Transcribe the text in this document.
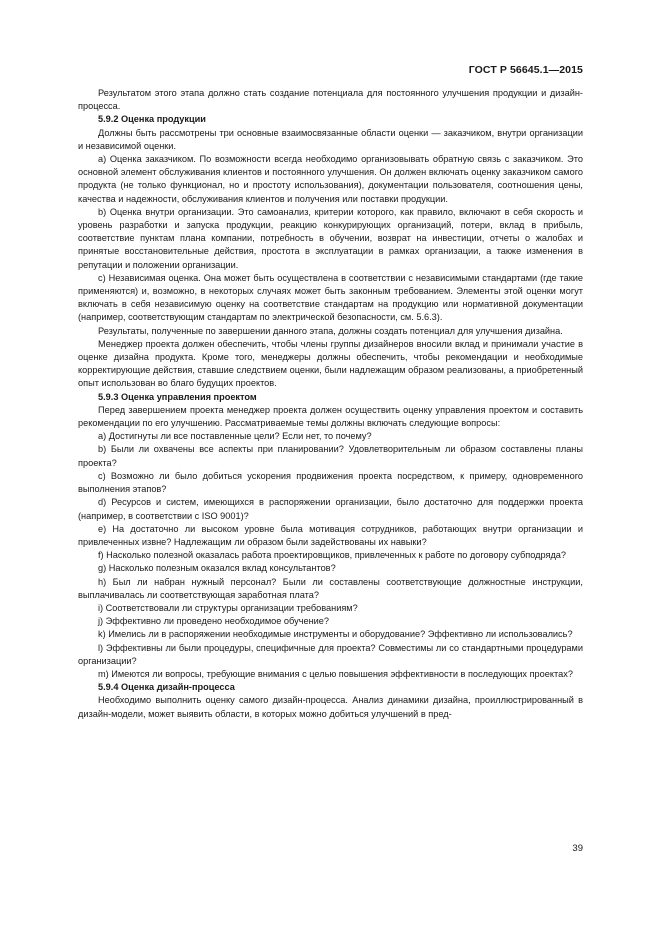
ГОСТ Р 56645.1—2015

Результатом этого этапа должно стать создание потенциала для постоянного улучшения продукции и дизайн-процесса.

5.9.2 Оценка продукции

Должны быть рассмотрены три основные взаимосвязанные области оценки — заказчиком, внутри организации и независимой оценки.

a) Оценка заказчиком. По возможности всегда необходимо организовывать обратную связь с заказчиком. Это основной элемент обслуживания клиентов и постоянного улучшения. Он должен включать оценку заказчиком самого продукта (не только функционал, но и простоту использования), документации пользователя, соотношения цены, качества и надежности, обслуживания клиентов и получения или поставки продукции.

b) Оценка внутри организации. Это самоанализ, критерии которого, как правило, включают в себя скорость и уровень разработки и запуска продукции, реакцию конкурирующих организаций, потери, вклад в прибыль, соответствие пунктам плана компании, потребность в обучении, возврат на инвестиции, отчеты о жалобах и принятые восстановительные действия, простота в эксплуатации в рамках организации, а также изменения в репутации и положении организации.

c) Независимая оценка. Она может быть осуществлена в соответствии с независимыми стандартами (где такие применяются) и, возможно, в некоторых случаях может быть законным требованием. Элементы этой оценки могут включать в себя независимую оценку на соответствие стандартам на продукцию или нормативной документации (например, соответствующим стандартам по электрической безопасности, см. 5.6.3).

Результаты, полученные по завершении данного этапа, должны создать потенциал для улучшения дизайна.

Менеджер проекта должен обеспечить, чтобы члены группы дизайнеров вносили вклад и принимали участие в оценке дизайна продукта. Кроме того, менеджеры должны обеспечить, чтобы рекомендации и необходимые корректирующие действия, ставшие следствием оценки, были надлежащим образом реализованы, а приобретенный опыт использован во благо будущих проектов.

5.9.3 Оценка управления проектом

Перед завершением проекта менеджер проекта должен осуществить оценку управления проектом и составить рекомендации по его улучшению. Рассматриваемые темы должны включать следующие вопросы:

a) Достигнуты ли все поставленные цели? Если нет, то почему?

b) Были ли охвачены все аспекты при планировании? Удовлетворительным ли образом составлены планы проекта?

c) Возможно ли было добиться ускорения продвижения проекта посредством, к примеру, одновременного выполнения этапов?

d) Ресурсов и систем, имеющихся в распоряжении организации, было достаточно для поддержки проекта (например, в соответствии с ISO 9001)?

e) На достаточно ли высоком уровне была мотивация сотрудников, работающих внутри организации и привлеченных извне? Надлежащим ли образом были задействованы их навыки?

f) Насколько полезной оказалась работа проектировщиков, привлеченных к работе по договору субподряда?

g) Насколько полезным оказался вклад консультантов?

h) Был ли набран нужный персонал? Были ли составлены соответствующие должностные инструкции, выплачивалась ли соответствующая заработная плата?

i) Соответствовали ли структуры организации требованиям?

j) Эффективно ли проведено необходимое обучение?

k) Имелись ли в распоряжении необходимые инструменты и оборудование? Эффективно ли использовались?

l) Эффективны ли были процедуры, специфичные для проекта? Совместимы ли со стандартными процедурами организации?

m) Имеются ли вопросы, требующие внимания с целью повышения эффективности в последующих проектах?

5.9.4 Оценка дизайн-процесса

Необходимо выполнить оценку самого дизайн-процесса. Анализ динамики дизайна, проиллюстрированный в дизайн-модели, может выявить области, в которых можно добиться улучшений в пред-

39
